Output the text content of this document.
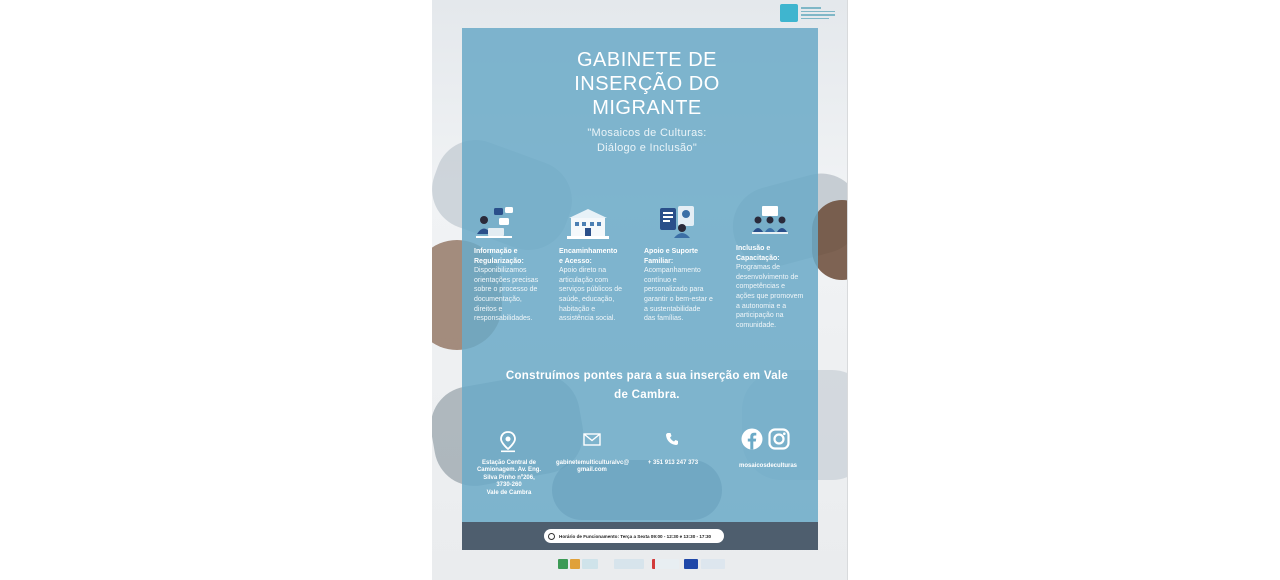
GABINETE DE
INSERÇÃO DO
MIGRANTE
"Mosaicos de Culturas:
Diálogo e Inclusão"
Informação e
Regularização:
Disponibilizamos
orientações precisas
sobre o processo de
documentação,
direitos e
responsabilidades.
Encaminhamento
e Acesso:
Apoio direto na
articulação com
serviços públicos de
saúde, educação,
habitação e
assistência social.
Apoio e Suporte
Familiar:
Acompanhamento
contínuo e
personalizado para
garantir o bem-estar e
a sustentabilidade
das famílias.
Inclusão e
Capacitação:
Programas de
desenvolvimento de
competências e
ações que promovem
a autonomia e a
participação na
comunidade.
Construímos pontes para a sua inserção em Vale
de Cambra.
Estação Central de
Camionagem. Av. Eng.
Silva Pinho nº206,
3730-260
Vale de Cambra
gabinetemulticulturalvc@
gmail.com
+ 351 913 247 373	mosaicosdeculturas
Horário de Funcionamento: Terça a Sexta 09:00 - 12:30 e 13:30 - 17:30
